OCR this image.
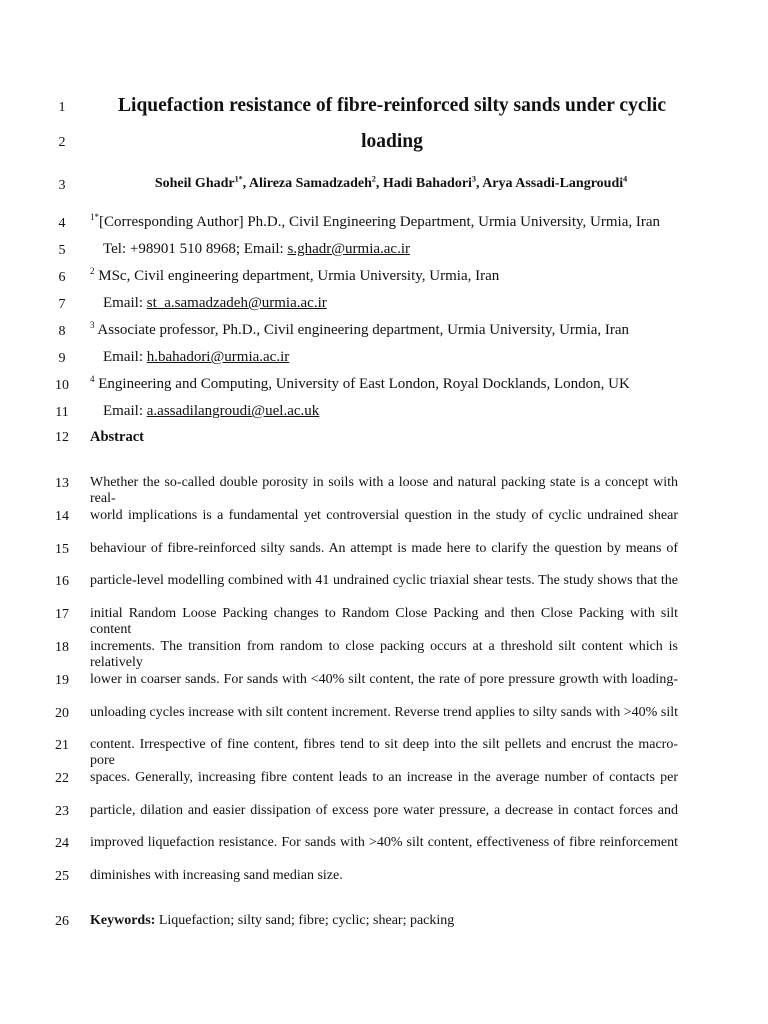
1	Liquefaction resistance of fibre-reinforced silty sands under cyclic
2	loading
3	Soheil Ghadr$^{1*}$, Alireza Samadzadeh$^2$, Hadi Bahadori$^3$, Arya Assadi-Langroudi$^4$
4	$^{1*}$[Corresponding Author] Ph.D., Civil Engineering Department, Urmia University, Urmia, Iran
5	Tel: +98901 510 8968; Email: s.ghadr@urmia.ac.ir
6	$^2$ MSc, Civil engineering department, Urmia University, Urmia, Iran
7	Email: st_a.samadzadeh@urmia.ac.ir
8	$^3$ Associate professor, Ph.D., Civil engineering department, Urmia University, Urmia, Iran
9	Email: h.bahadori@urmia.ac.ir
10	$^4$ Engineering and Computing, University of East London, Royal Docklands, London, UK
11	Email: a.assadilangroudi@uel.ac.uk
12	Abstract
13	Whether the so-called double porosity in soils with a loose and natural packing state is a concept with real-
14	world implications is a fundamental yet controversial question in the study of cyclic undrained shear
15	behaviour of fibre-reinforced silty sands. An attempt is made here to clarify the question by means of
16	particle-level modelling combined with 41 undrained cyclic triaxial shear tests. The study shows that the
17	initial Random Loose Packing changes to Random Close Packing and then Close Packing with silt content
18	increments. The transition from random to close packing occurs at a threshold silt content which is relatively
19	lower in coarser sands. For sands with <40% silt content, the rate of pore pressure growth with loading-
20	unloading cycles increase with silt content increment. Reverse trend applies to silty sands with >40% silt
21	content. Irrespective of fine content, fibres tend to sit deep into the silt pellets and encrust the macro-pore
22	spaces. Generally, increasing fibre content leads to an increase in the average number of contacts per
23	particle, dilation and easier dissipation of excess pore water pressure, a decrease in contact forces and
24	improved liquefaction resistance. For sands with >40% silt content, effectiveness of fibre reinforcement
25	diminishes with increasing sand median size.
26	Keywords: Liquefaction; silty sand; fibre; cyclic; shear; packing
